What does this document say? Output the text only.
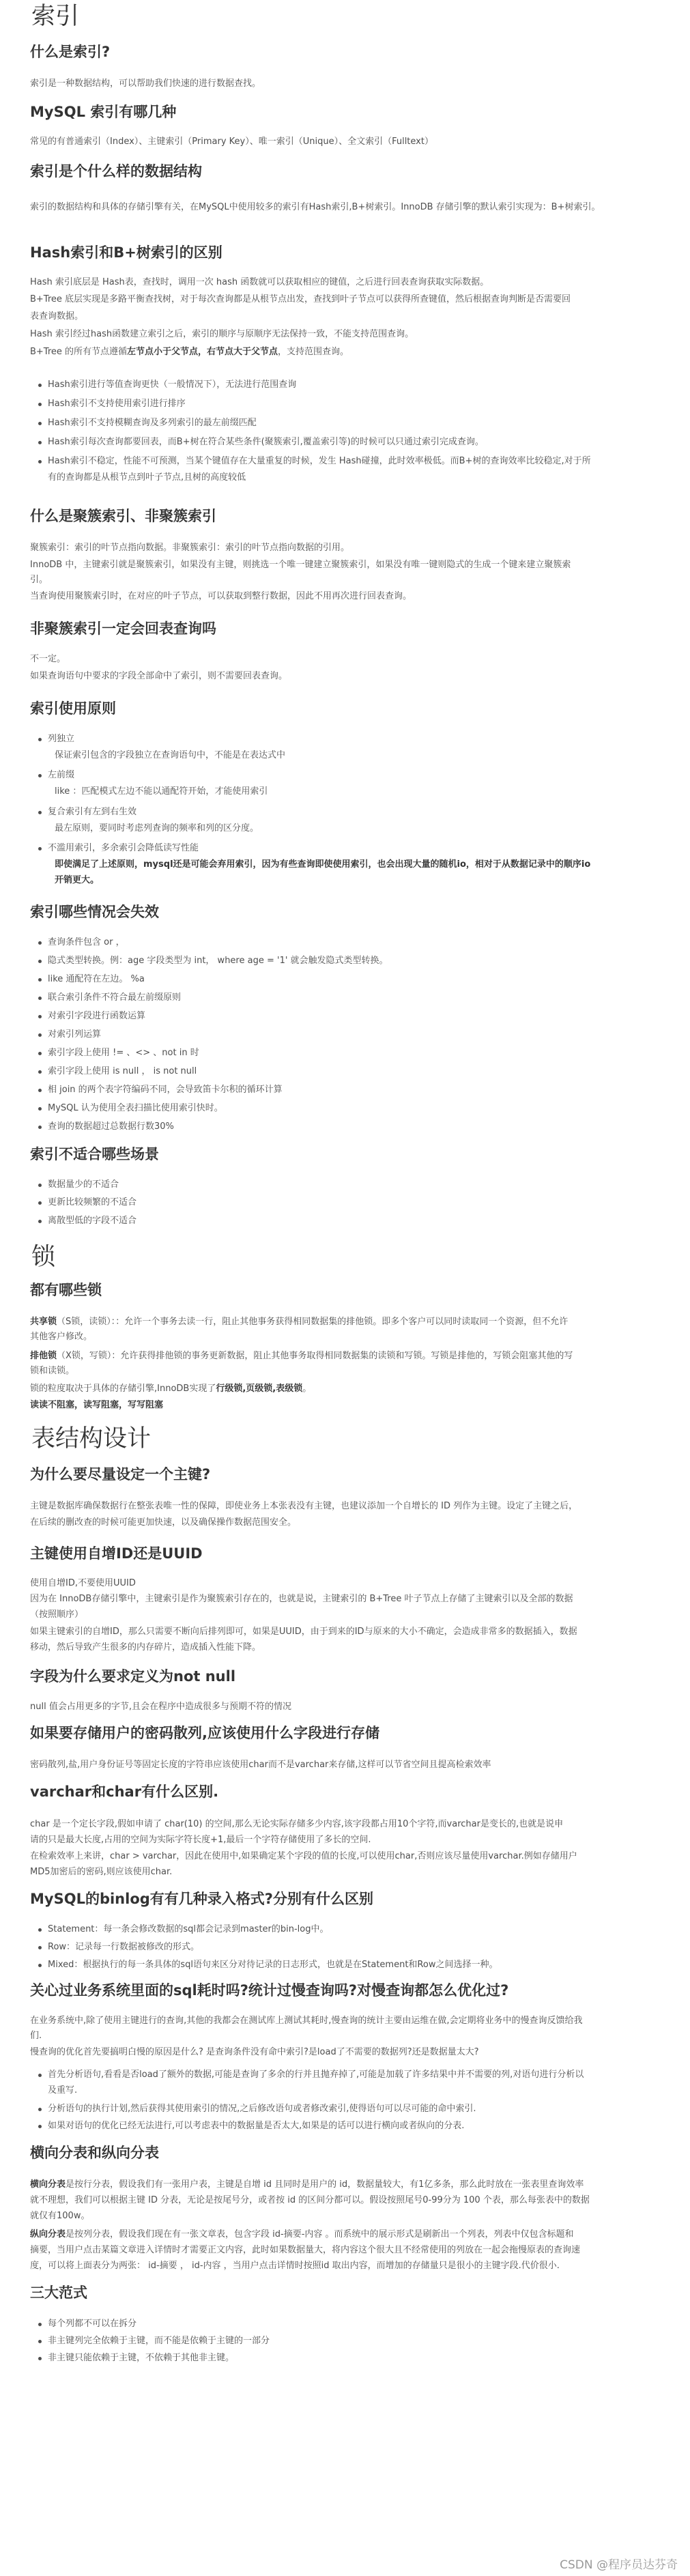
索引
什么是索引?

索引是一种数据结构，可以帮助我们快速的进行数据查找。

MySQL 索引有哪几种

常见的有普通索引（Index）、主键索引（Primary Key）、唯一索引（Unique）、全文索引（Fulltext）

索引是个什么样的数据结构

索引的数据结构和具体的存储引擎有关，在MySQL中使用较多的索引有Hash索引,B+树索引。InnoDB 存储引擎的默认索引实现为：B+树索引。

Hash索引和B+树索引的区别

Hash 索引底层是 Hash表，查找时，调用一次 hash 函数就可以获取相应的键值，之后进行回表查询获取实际数据。

B+Tree 底层实现是多路平衡查找树，对于每次查询都是从根节点出发，查找到叶子节点可以获得所查键值，然后根据查询判断是否需要回

表查询数据。

Hash 索引经过hash函数建立索引之后，索引的顺序与原顺序无法保持一致，不能支持范围查询。

B+Tree 的所有节点遵循左节点小于父节点，右节点大于父节点，支持范围查询。

Hash索引进行等值查询更快（一般情况下），无法进行范围查询
Hash索引不支持使用索引进行排序
Hash索引不支持模糊查询及多列索引的最左前缀匹配
Hash索引每次查询都要回表，而B+树在符合某些条件(聚簇索引,覆盖索引等)的时候可以只通过索引完成查询。
Hash索引不稳定，性能不可预测，当某个键值存在大量重复的时候，发生 Hash碰撞，此时效率极低。而B+树的查询效率比较稳定,对于所
有的查询都是从根节点到叶子节点,且树的高度较低
什么是聚簇索引、非聚簇索引

聚簇索引：索引的叶节点指向数据。非聚簇索引：索引的叶节点指向数据的引用。

InnoDB 中，主键索引就是聚簇索引，如果没有主键，则挑选一个唯一键建立聚簇索引，如果没有唯一键则隐式的生成一个键来建立聚簇索

引。

当查询使用聚簇索引时，在对应的叶子节点，可以获取到整行数据，因此不用再次进行回表查询。

非聚簇索引一定会回表查询吗

不一定。

如果查询语句中要求的字段全部命中了索引，则不需要回表查询。

索引使用原则
列独立
保证索引包含的字段独立在查询语句中，不能是在表达式中
左前缀
like ：匹配模式左边不能以通配符开始，才能使用索引
复合索引有左到右生效
最左原则，要同时考虑列查询的频率和列的区分度。
不滥用索引，多余索引会降低读写性能
即使满足了上述原则，mysql还是可能会弃用索引，因为有些查询即使使用索引，也会出现大量的随机io，相对于从数据记录中的顺序io
开销更大。
索引哪些情况会失效
查询条件包含 or ，
隐式类型转换。例：age 字段类型为 int， where age = '1' 就会触发隐式类型转换。
like 通配符在左边。 %a
联合索引条件不符合最左前缀原则
对索引字段进行函数运算
对索引列运算
索引字段上使用 != 、<> 、not in 时
索引字段上使用 is null ， is not null
相 join 的两个表字符编码不同，会导致笛卡尔积的循环计算
MySQL 认为使用全表扫描比使用索引快时。
查询的数据超过总数据行数30%
索引不适合哪些场景
数据量少的不适合
更新比较频繁的不适合
离散型低的字段不适合
锁
都有哪些锁

共享锁（S锁，读锁）：：允许一个事务去读一行，阻止其他事务获得相同数据集的排他锁。即多个客户可以同时读取同一个资源，但不允许

其他客户修改。

排他锁（X锁，写锁）：允许获得排他锁的事务更新数据，阻止其他事务取得相同数据集的读锁和写锁。写锁是排他的，写锁会阻塞其他的写

锁和读锁。

锁的粒度取决于具体的存储引擎,InnoDB实现了行级锁,页级锁,表级锁。

读读不阻塞，读写阻塞，写写阻塞

表结构设计
为什么要尽量设定一个主键?

主键是数据库确保数据行在整张表唯一性的保障，即使业务上本张表没有主键，也建议添加一个自增长的 ID 列作为主键。设定了主键之后，

在后续的删改查的时候可能更加快速，以及确保操作数据范围安全。

主键使用自增ID还是UUID

使用自增ID,不要使用UUID

因为在 InnoDB存储引擎中，主键索引是作为聚簇索引存在的，也就是说，主键索引的 B+Tree 叶子节点上存储了主键索引以及全部的数据

（按照顺序）

如果主键索引的自增ID，那么只需要不断向后排列即可，如果是UUID，由于到来的ID与原来的大小不确定，会造成非常多的数据插入，数据

移动，然后导致产生很多的内存碎片，造成插入性能下降。

字段为什么要求定义为not null

null 值会占用更多的字节,且会在程序中造成很多与预期不符的情况

如果要存储用户的密码散列,应该使用什么字段进行存储

密码散列,盐,用户身份证号等固定长度的字符串应该使用char而不是varchar来存储,这样可以节省空间且提高检索效率

varchar和char有什么区别.

char 是一个定长字段,假如申请了 char(10) 的空间,那么无论实际存储多少内容,该字段都占用10个字符,而varchar是变长的,也就是说申

请的只是最大长度,占用的空间为实际字符长度+1,最后一个字符存储使用了多长的空间.

在检索效率上来讲，char > varchar，因此在使用中,如果确定某个字段的值的长度,可以使用char,否则应该尽量使用varchar.例如存储用户

MD5加密后的密码,则应该使用char.

MySQL的binlog有有几种录入格式?分别有什么区别
Statement：每一条会修改数据的sql都会记录到master的bin-log中。
Row：记录每一行数据被修改的形式。
Mixed：根据执行的每一条具体的sql语句来区分对待记录的日志形式，也就是在Statement和Row之间选择一种。
关心过业务系统里面的sql耗时吗?统计过慢查询吗?对慢查询都怎么优化过?

在业务系统中,除了使用主键进行的查询,其他的我都会在测试库上测试其耗时,慢查询的统计主要由运维在做,会定期将业务中的慢查询反馈给我

们.

慢查询的优化首先要搞明白慢的原因是什么? 是查询条件没有命中索引?是load了不需要的数据列?还是数据量太大?

首先分析语句,看看是否load了额外的数据,可能是查询了多余的行并且抛弃掉了,可能是加载了许多结果中并不需要的列,对语句进行分析以
及重写.
分析语句的执行计划,然后获得其使用索引的情况,之后修改语句或者修改索引,使得语句可以尽可能的命中索引.
如果对语句的优化已经无法进行,可以考虑表中的数据量是否太大,如果是的话可以进行横向或者纵向的分表.
横向分表和纵向分表

横向分表是按行分表，假设我们有一张用户表，主键是自增 id 且同时是用户的 id，数据量较大，有1亿多条，那么此时放在一张表里查询效率

就不理想，我们可以根据主键 ID 分表，无论是按尾号分，或者按 id 的区间分都可以。假设按照尾号0-99分为 100 个表，那么每张表中的数据

就仅有100w。

纵向分表是按列分表，假设我们现在有一张文章表，包含字段 id-摘要-内容 。而系统中的展示形式是刷新出一个列表，列表中仅包含标题和

摘要，当用户点击某篇文章进入详情时才需要正文内容，此时如果数据量大，将内容这个很大且不经常使用的列放在一起会拖慢原表的查询速

度，可以将上面表分为两张： id-摘要 ， id-内容 ，当用户点击详情时按照id 取出内容，而增加的存储量只是很小的主键字段.代价很小.

三大范式
每个列都不可以在拆分
非主键列完全依赖于主键，而不能是依赖于主键的一部分
非主键只能依赖于主键，不依赖于其他非主键。
CSDN @程序员达芬奇
